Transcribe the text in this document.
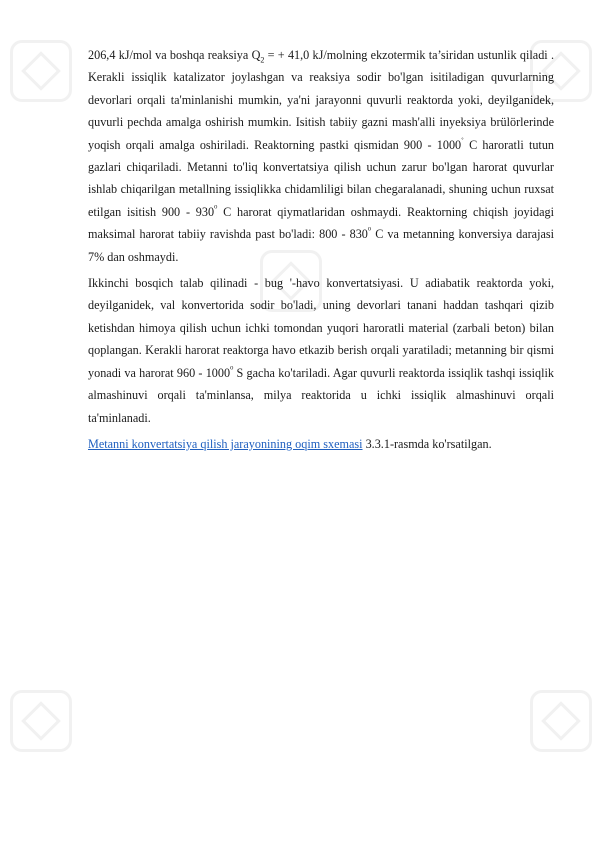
206,4 kJ/mol va boshqa reaksiya $Q_2$ = + 41,0 kJ/molning ekzotermik ta’siridan ustunlik qiladi . Kerakli issiqlik katalizator joylashgan va reaksiya sodir bo'lgan isitiladigan quvurlarning devorlari orqali ta'minlanishi mumkin, ya'ni jarayonni quvurli reaktorda yoki, deyilganidek, quvurli pechda amalga oshirish mumkin. Isitish tabiiy gazni mash'alli inyeksiya brülörlerinde yoqish orqali amalga oshiriladi. Reaktorning pastki qismidan 900 - 1000˚ C haroratli tutun gazlari chiqariladi. Metanni to'liq konvertatsiya qilish uchun zarur bo'lgan harorat quvurlar ishlab chiqarilgan metallning issiqlikka chidamliligi bilan chegaralanadi, shuning uchun ruxsat etilgan isitish $900 - 930^{^0}$ C harorat qiymatlaridan oshmaydi. Reaktorning chiqish joyidagi maksimal harorat tabiiy ravishda past bo'ladi: $800 - 830^{^0}$ C va metanning konversiya darajasi 7% dan oshmaydi.

Ikkinchi bosqich talab qilinadi - bug '-havo konvertatsiyasi. U adiabatik reaktorda yoki, deyilganidek, val konvertorida sodir bo'ladi, uning devorlari tanani haddan tashqari qizib ketishdan himoya qilish uchun ichki tomondan yuqori haroratli material (zarbali beton) bilan qoplangan. Kerakli harorat reaktorga havo etkazib berish orqali yaratiladi; metanning bir qismi yonadi va harorat $960 - 1000^{^0}$ S gacha ko'tariladi. Agar quvurli reaktorda issiqlik tashqi issiqlik almashinuvi orqali ta'minlansa, milya reaktorida u ichki issiqlik almashinuvi orqali ta'minlanadi.

Metanni konvertatsiya qilish jarayonining oqim sxemasi 3.3.1-rasmda ko'rsatilgan.
